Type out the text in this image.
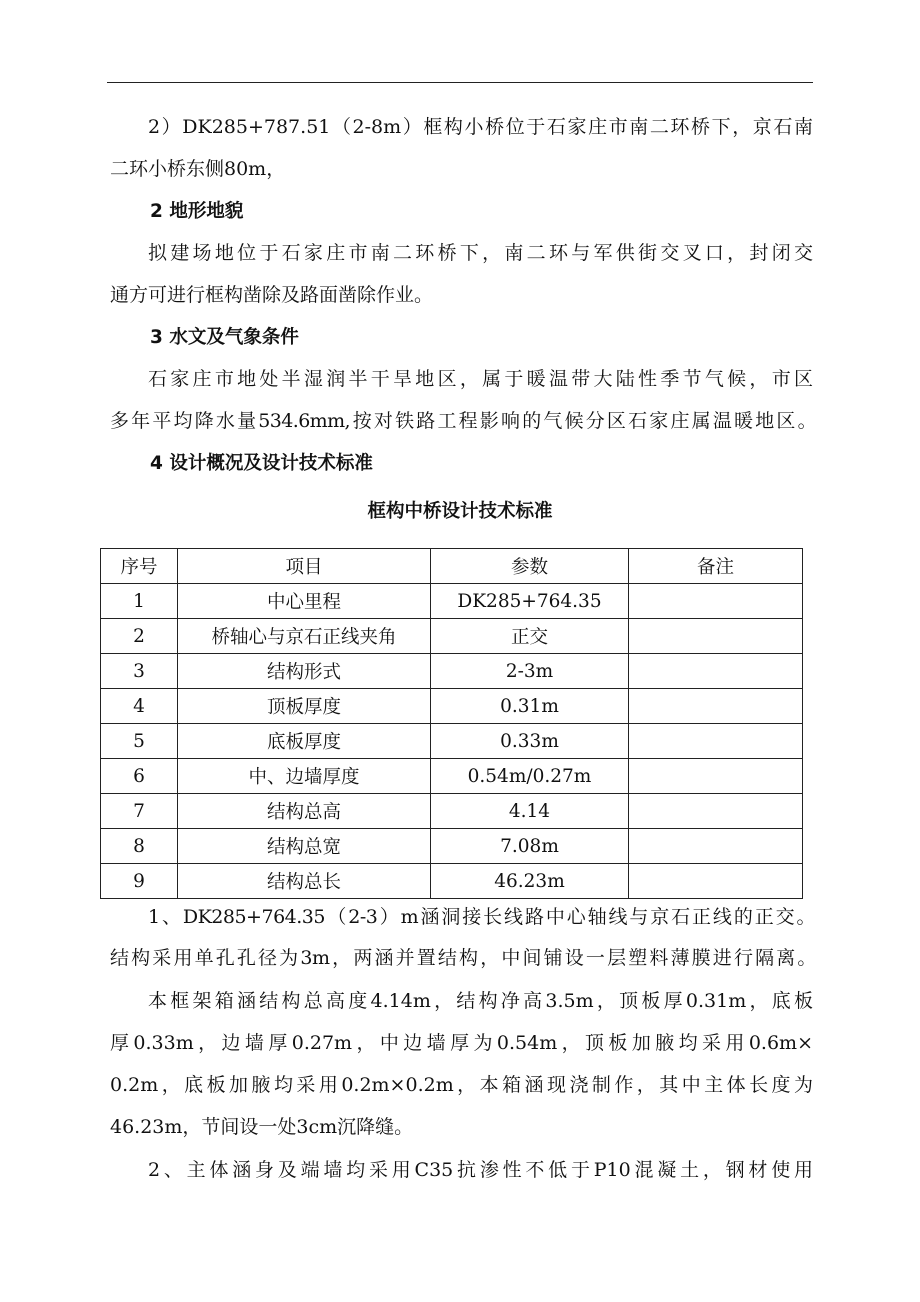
2）DK285+787.51（2-8m）框构小桥位于石家庄市南二环桥下，京石南
二环小桥东侧80m，
2 地形地貌
拟建场地位于石家庄市南二环桥下，南二环与军供街交叉口，封闭交
通方可进行框构凿除及路面凿除作业。
3 水文及气象条件
石家庄市地处半湿润半干旱地区，属于暖温带大陆性季节气候，市区
多年平均降水量534.6mm,按对铁路工程影响的气候分区石家庄属温暖地区。
4 设计概况及设计技术标准
框构中桥设计技术标准
序号	项目	参数	备注
1	中心里程	DK285+764.35	
2	桥轴心与京石正线夹角	正交	
3	结构形式	2-3m	
4	顶板厚度	0.31m	
5	底板厚度	0.33m	
6	中、边墙厚度	0.54m/0.27m	
7	结构总高	4.14	
8	结构总宽	7.08m	
9	结构总长	46.23m	
1、DK285+764.35（2-3）m涵洞接长线路中心轴线与京石正线的正交。
结构采用单孔孔径为3m，两涵并置结构，中间铺设一层塑料薄膜进行隔离。
本框架箱涵结构总高度4.14m，结构净高3.5m，顶板厚0.31m，底板
厚0.33m，边墙厚0.27m，中边墙厚为0.54m，顶板加腋均采用0.6m×
0.2m，底板加腋均采用0.2m×0.2m，本箱涵现浇制作，其中主体长度为
46.23m，节间设一处3cm沉降缝。
2、主体涵身及端墙均采用C35抗渗性不低于P10混凝土，钢材使用
